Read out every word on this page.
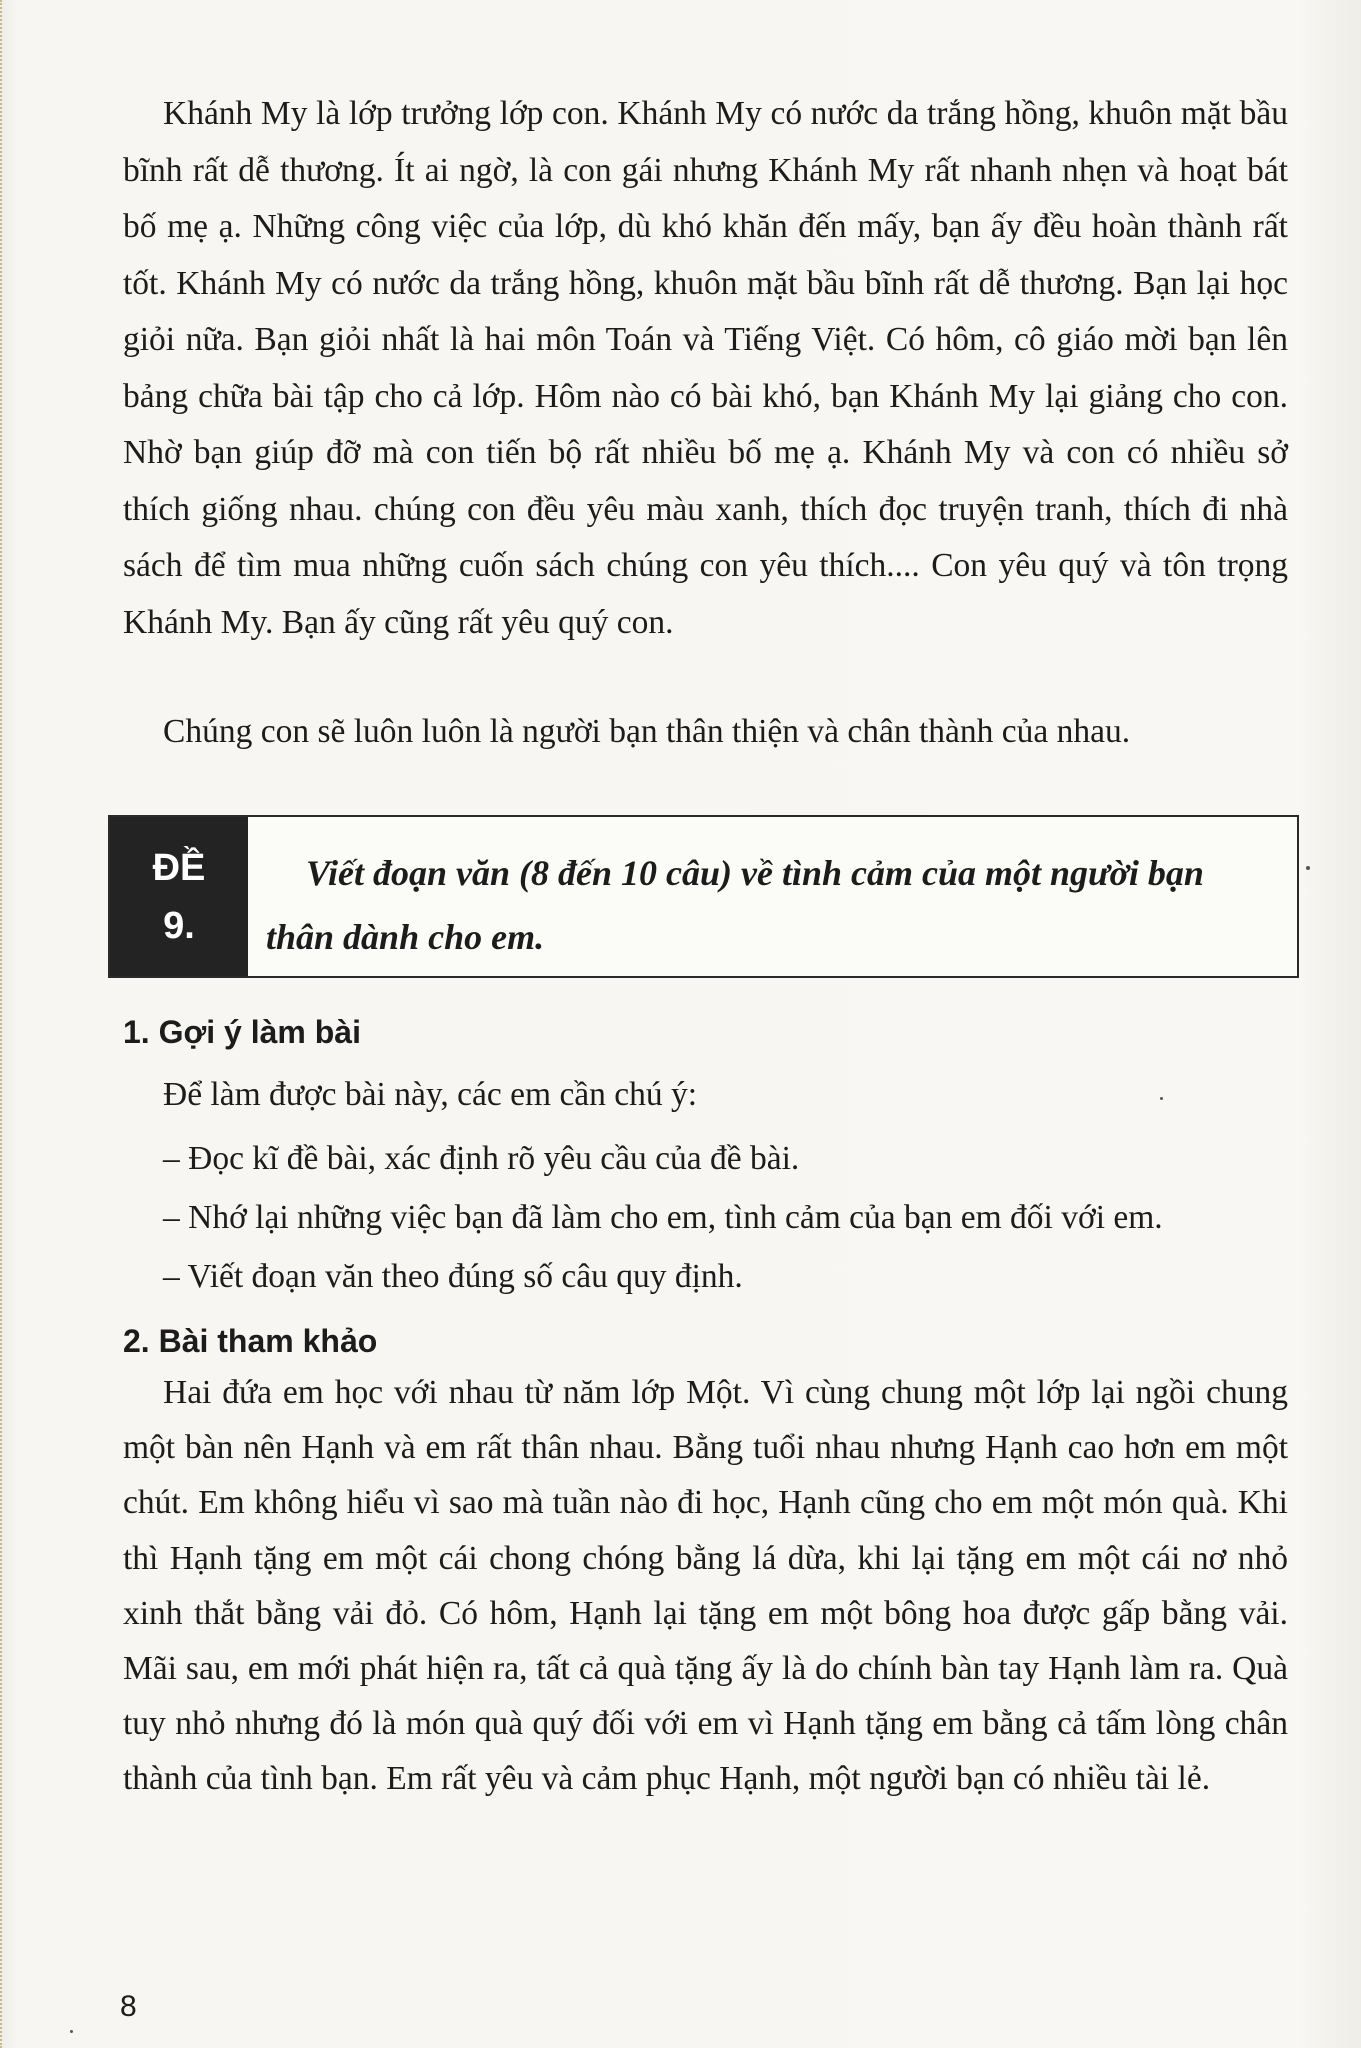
Khánh My là lớp trưởng lớp con. Khánh My có nước da trắng hồng, khuôn mặt bầu bĩnh rất dễ thương. Ít ai ngờ, là con gái nhưng Khánh My rất nhanh nhẹn và hoạt bát bố mẹ ạ. Những công việc của lớp, dù khó khăn đến mấy, bạn ấy đều hoàn thành rất tốt. Khánh My có nước da trắng hồng, khuôn mặt bầu bĩnh rất dễ thương. Bạn lại học giỏi nữa. Bạn giỏi nhất là hai môn Toán và Tiếng Việt. Có hôm, cô giáo mời bạn lên bảng chữa bài tập cho cả lớp. Hôm nào có bài khó, bạn Khánh My lại giảng cho con. Nhờ bạn giúp đỡ mà con tiến bộ rất nhiều bố mẹ ạ. Khánh My và con có nhiều sở thích giống nhau. chúng con đều yêu màu xanh, thích đọc truyện tranh, thích đi nhà sách để tìm mua những cuốn sách chúng con yêu thích.... Con yêu quý và tôn trọng Khánh My. Bạn ấy cũng rất yêu quý con.

Chúng con sẽ luôn luôn là người bạn thân thiện và chân thành của nhau.

ĐỀ
9.
Viết đoạn văn (8 đến 10 câu) về tình cảm của một người bạn thân dành cho em.
1. Gợi ý làm bài

Để làm được bài này, các em cần chú ý:

– Đọc kĩ đề bài, xác định rõ yêu cầu của đề bài.
– Nhớ lại những việc bạn đã làm cho em, tình cảm của bạn em đối với em.
– Viết đoạn văn theo đúng số câu quy định.
2. Bài tham khảo

Hai đứa em học với nhau từ năm lớp Một. Vì cùng chung một lớp lại ngồi chung một bàn nên Hạnh và em rất thân nhau. Bằng tuổi nhau nhưng Hạnh cao hơn em một chút. Em không hiểu vì sao mà tuần nào đi học, Hạnh cũng cho em một món quà. Khi thì Hạnh tặng em một cái chong chóng bằng lá dừa, khi lại tặng em một cái nơ nhỏ xinh thắt bằng vải đỏ. Có hôm, Hạnh lại tặng em một bông hoa được gấp bằng vải. Mãi sau, em mới phát hiện ra, tất cả quà tặng ấy là do chính bàn tay Hạnh làm ra. Quà tuy nhỏ nhưng đó là món quà quý đối với em vì Hạnh tặng em bằng cả tấm lòng chân thành của tình bạn. Em rất yêu và cảm phục Hạnh, một người bạn có nhiều tài lẻ.

8
